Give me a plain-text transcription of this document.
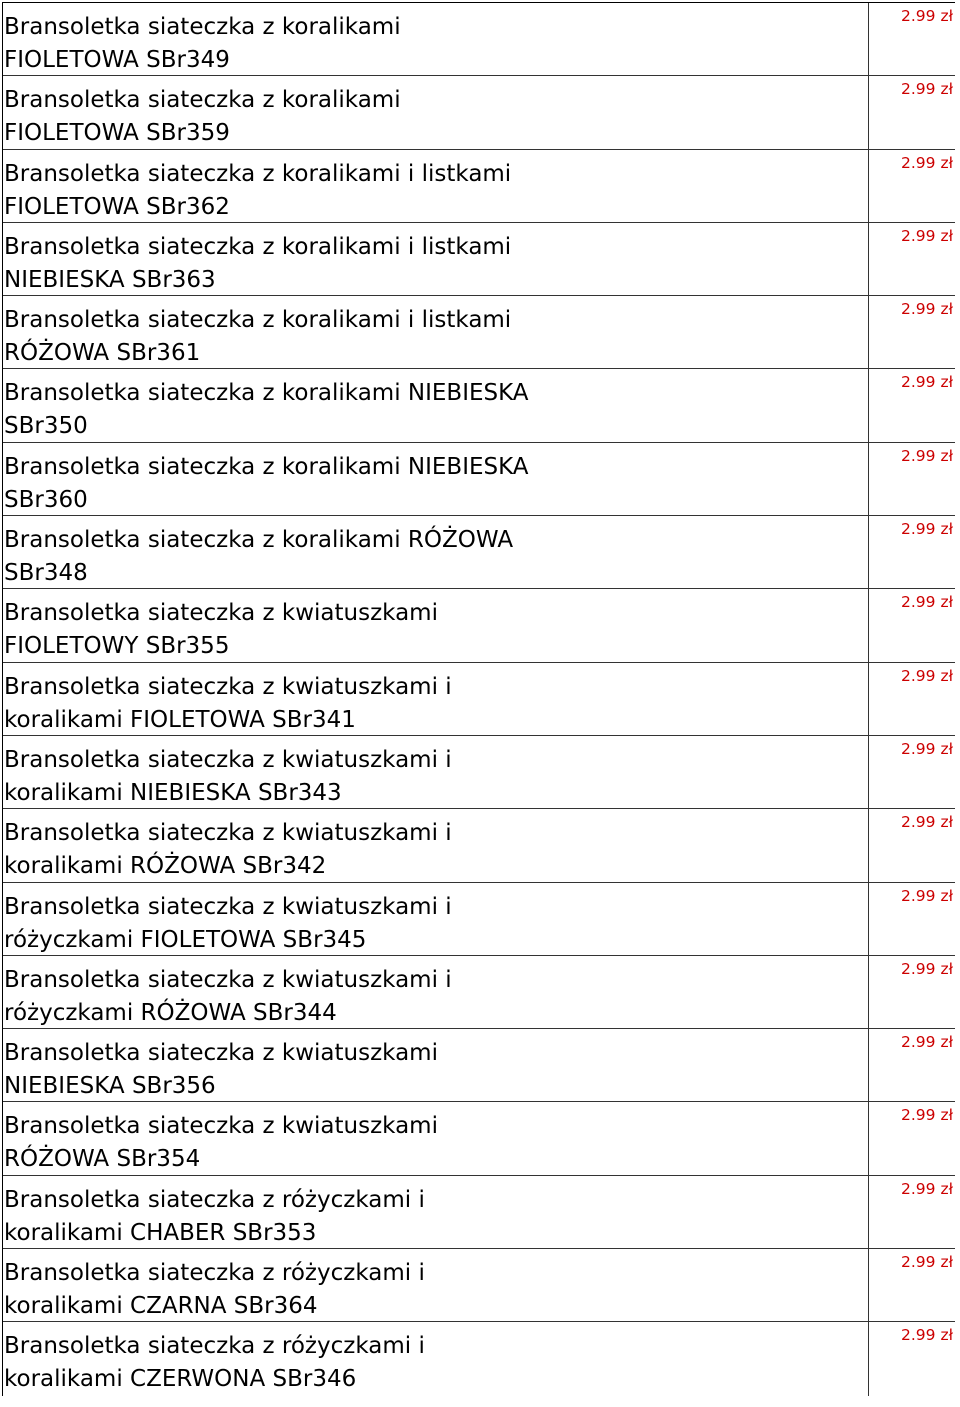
Bransoletka siateczka z koralikami
FIOLETOWA SBr349
2.99 zł
Bransoletka siateczka z koralikami
FIOLETOWA SBr359
2.99 zł
Bransoletka siateczka z koralikami i listkami
FIOLETOWA SBr362
2.99 zł
Bransoletka siateczka z koralikami i listkami
NIEBIESKA SBr363
2.99 zł
Bransoletka siateczka z koralikami i listkami
RÓŻOWA SBr361
2.99 zł
Bransoletka siateczka z koralikami NIEBIESKA
SBr350
2.99 zł
Bransoletka siateczka z koralikami NIEBIESKA
SBr360
2.99 zł
Bransoletka siateczka z koralikami RÓŻOWA
SBr348
2.99 zł
Bransoletka siateczka z kwiatuszkami
FIOLETOWY SBr355
2.99 zł
Bransoletka siateczka z kwiatuszkami i
koralikami FIOLETOWA SBr341
2.99 zł
Bransoletka siateczka z kwiatuszkami i
koralikami NIEBIESKA SBr343
2.99 zł
Bransoletka siateczka z kwiatuszkami i
koralikami RÓŻOWA SBr342
2.99 zł
Bransoletka siateczka z kwiatuszkami i
różyczkami FIOLETOWA SBr345
2.99 zł
Bransoletka siateczka z kwiatuszkami i
różyczkami RÓŻOWA SBr344
2.99 zł
Bransoletka siateczka z kwiatuszkami
NIEBIESKA SBr356
2.99 zł
Bransoletka siateczka z kwiatuszkami
RÓŻOWA SBr354
2.99 zł
Bransoletka siateczka z różyczkami i
koralikami CHABER SBr353
2.99 zł
Bransoletka siateczka z różyczkami i
koralikami CZARNA SBr364
2.99 zł
Bransoletka siateczka z różyczkami i
koralikami CZERWONA SBr346
2.99 zł
